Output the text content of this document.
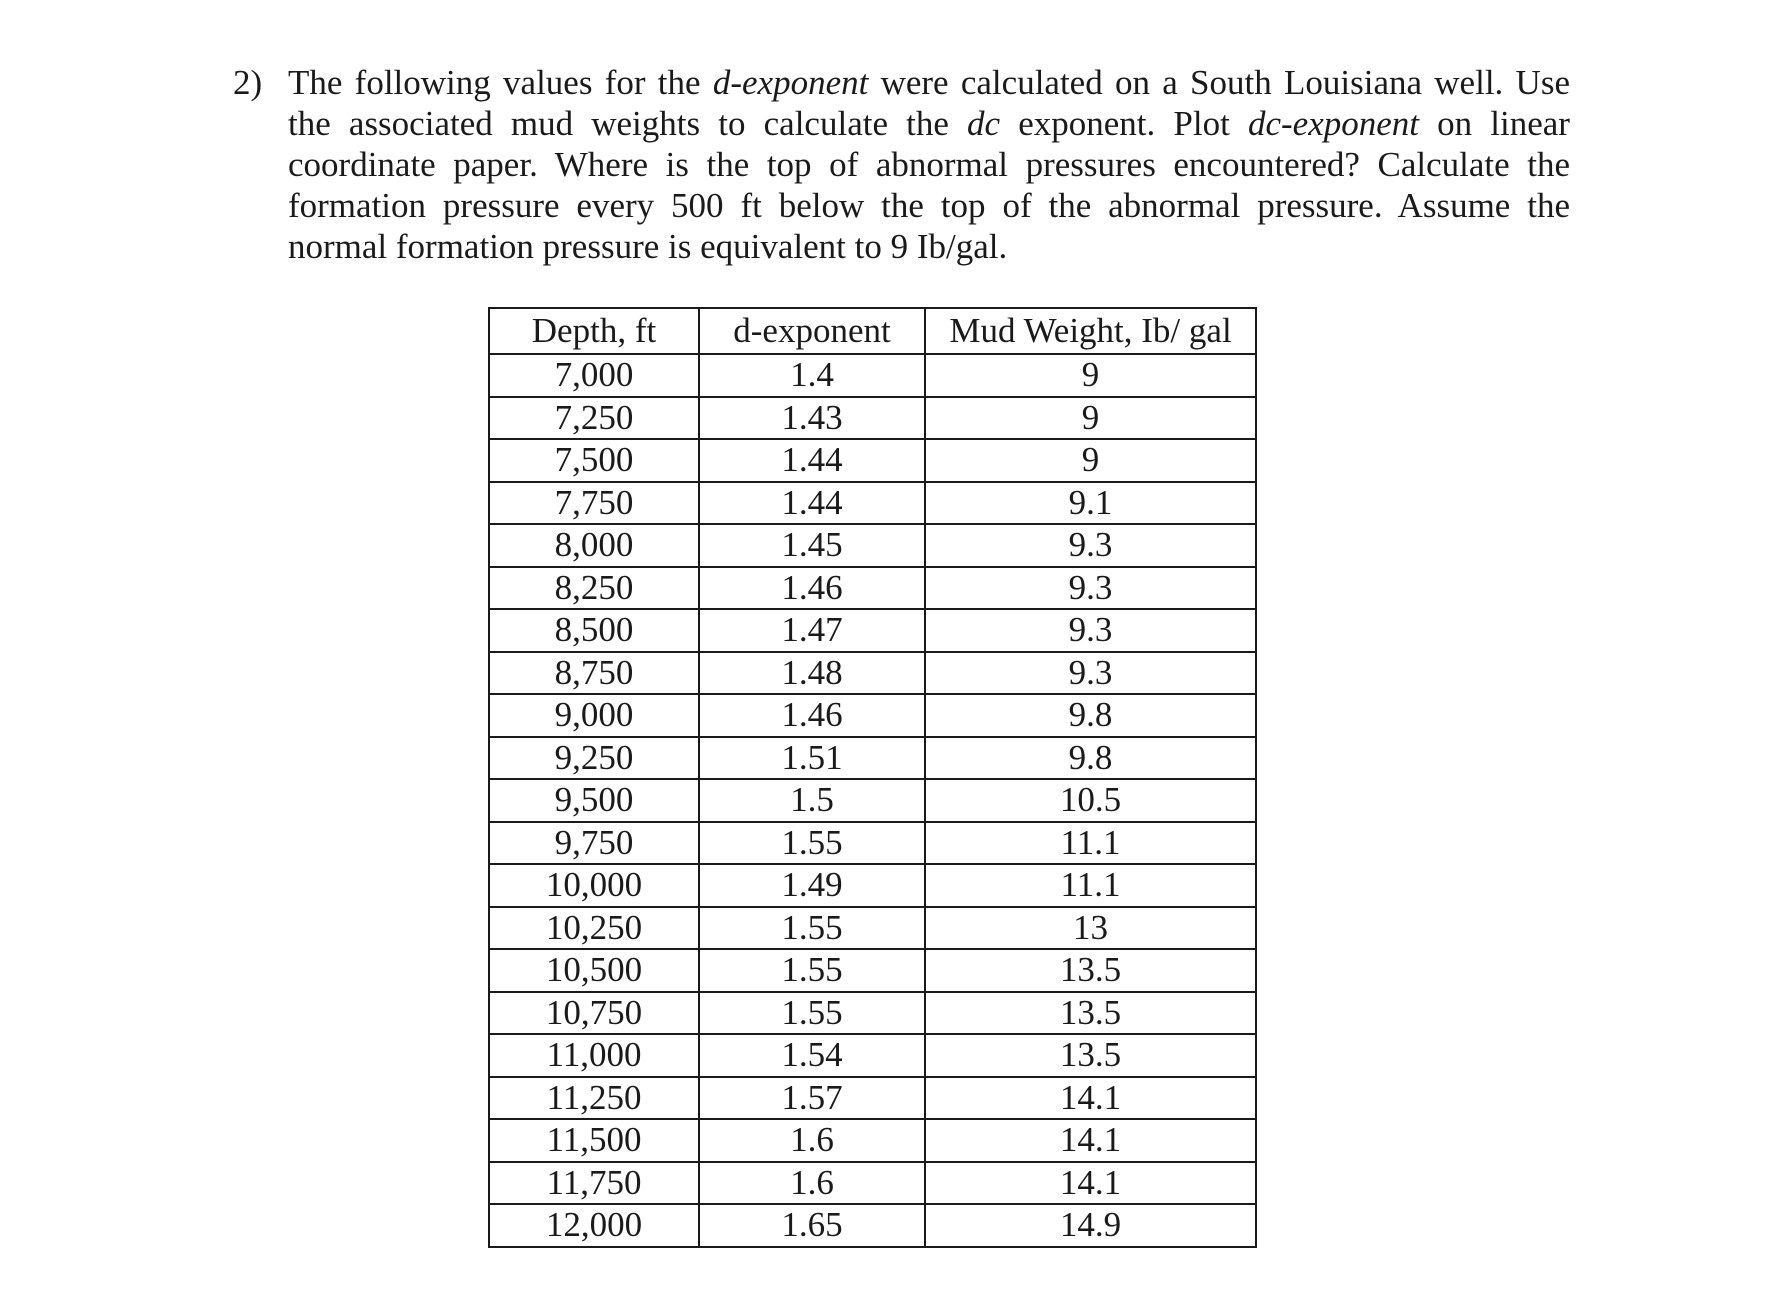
2) The following values for the d-exponent were calculated on a South Louisiana well. Use the associated mud weights to calculate the dc exponent. Plot dc-exponent on linear coordinate paper. Where is the top of abnormal pressures encountered? Calculate the formation pressure every 500 ft below the top of the abnormal pressure. Assume the normal formation pressure is equivalent to 9 Ib/gal.
Depth, ft	d-exponent	Mud Weight, Ib/ gal
7,000	1.4	9
7,250	1.43	9
7,500	1.44	9
7,750	1.44	9.1
8,000	1.45	9.3
8,250	1.46	9.3
8,500	1.47	9.3
8,750	1.48	9.3
9,000	1.46	9.8
9,250	1.51	9.8
9,500	1.5	10.5
9,750	1.55	11.1
10,000	1.49	11.1
10,250	1.55	13
10,500	1.55	13.5
10,750	1.55	13.5
11,000	1.54	13.5
11,250	1.57	14.1
11,500	1.6	14.1
11,750	1.6	14.1
12,000	1.65	14.9
